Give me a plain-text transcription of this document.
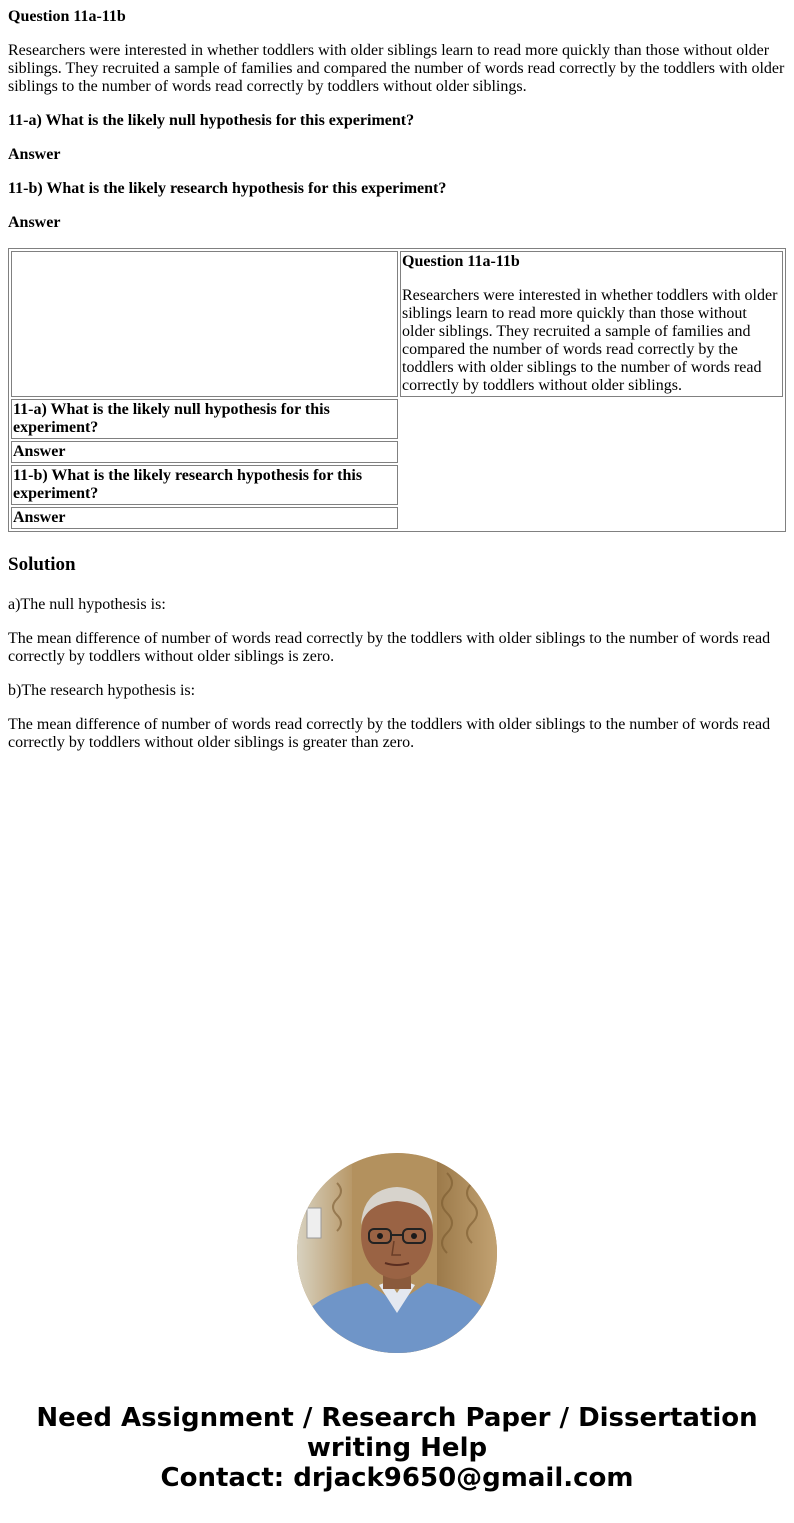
Question 11a-11b

Researchers were interested in whether toddlers with older siblings learn to read more quickly than those without older siblings. They recruited a sample of families and compared the number of words read correctly by the toddlers with older siblings to the number of words read correctly by toddlers without older siblings.

11-a) What is the likely null hypothesis for this experiment?

Answer

11-b) What is the likely research hypothesis for this experiment?

Answer

	Question 11a-11b

Researchers were interested in whether toddlers with older siblings learn to read more quickly than those without older siblings. They recruited a sample of families and compared the number of words read correctly by the toddlers with older siblings to the number of words read correctly by toddlers without older siblings.

11-a) What is the likely null hypothesis for this experiment?	
Answer	
11-b) What is the likely research hypothesis for this experiment?	
Answer	
Solution

a)The null hypothesis is:

The mean difference of number of words read correctly by the toddlers with older siblings to the number of words read correctly by toddlers without older siblings is zero.

b)The research hypothesis is:

The mean difference of number of words read correctly by the toddlers with older siblings to the number of words read correctly by toddlers without older siblings is greater than zero.

Need Assignment / Research Paper / Dissertation
writing Help
Contact: drjack9650@gmail.com
